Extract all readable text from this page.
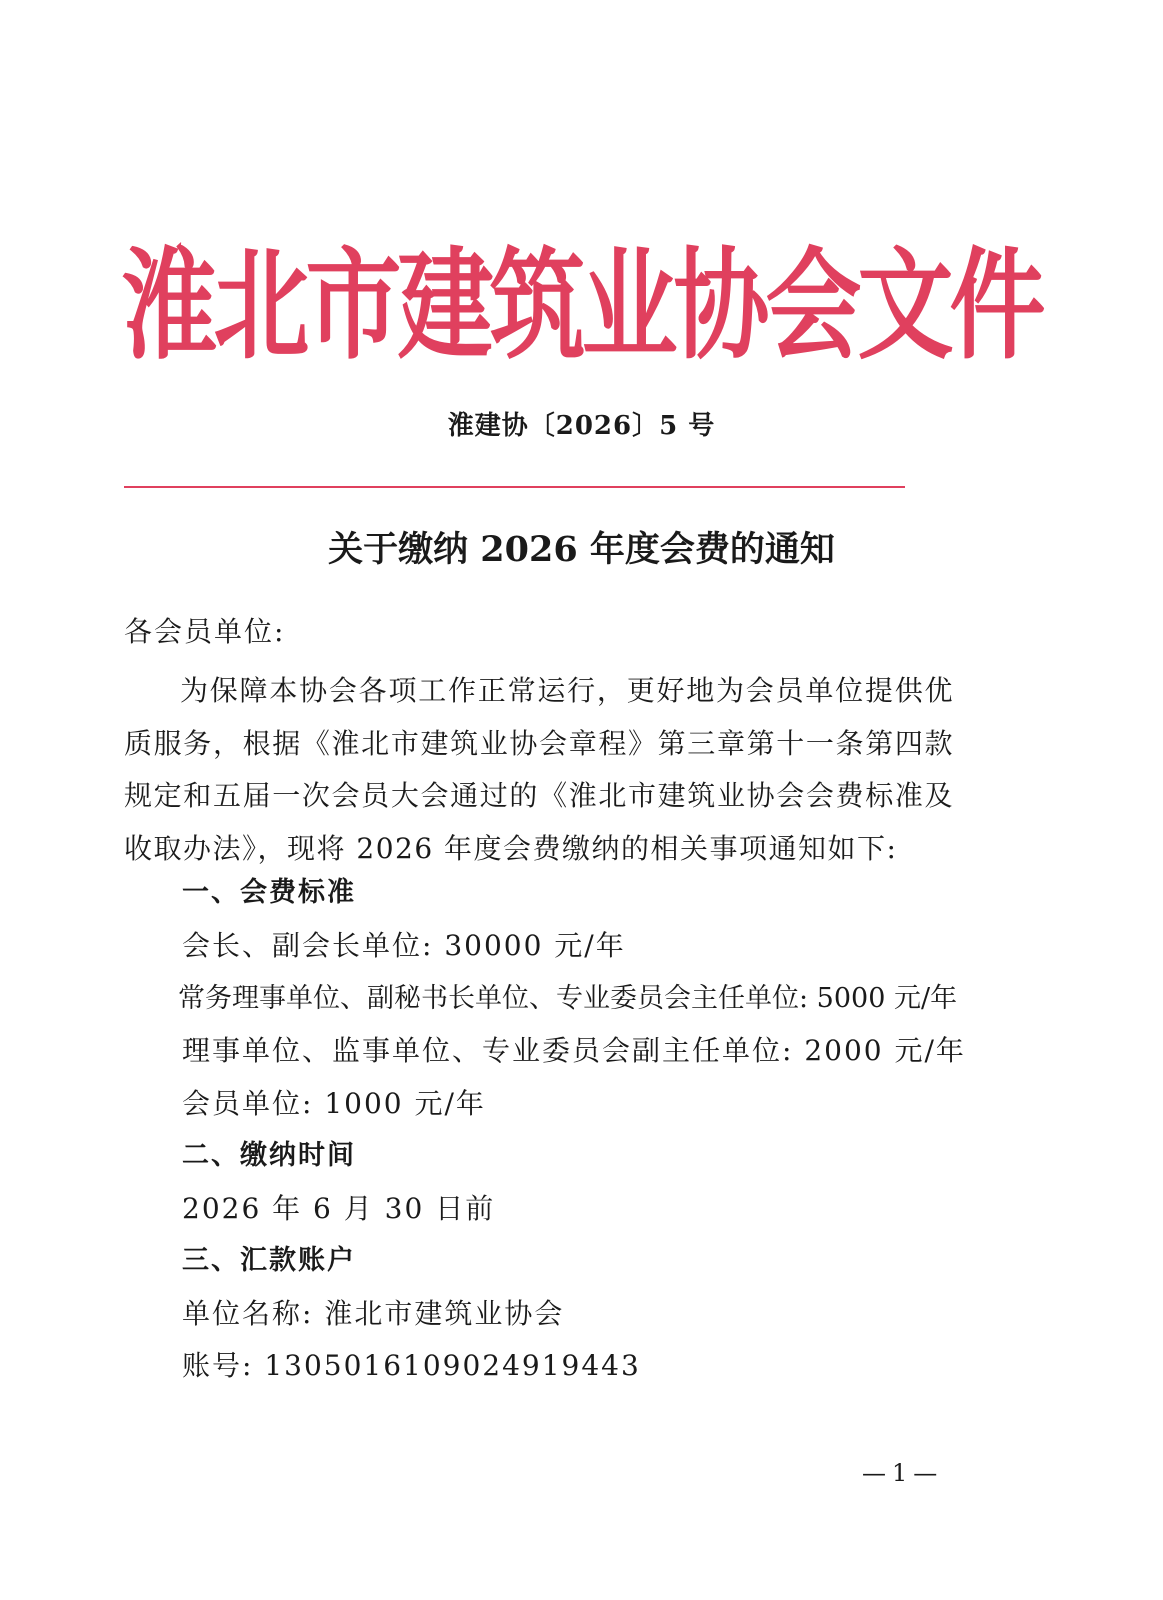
淮北市建筑业协会文件
淮建协〔2026〕5 号
关于缴纳 2026 年度会费的通知
各会员单位:
为保障本协会各项工作正常运行，更好地为会员单位提供优质服务，根据《淮北市建筑业协会章程》第三章第十一条第四款规定和五届一次会员大会通过的《淮北市建筑业协会会费标准及收取办法》，现将 2026 年度会费缴纳的相关事项通知如下:
一、会费标准
会长、副会长单位: 30000 元/年
常务理事单位、副秘书长单位、专业委员会主任单位: 5000 元/年
理事单位、监事单位、专业委员会副主任单位: 2000 元/年
会员单位: 1000 元/年
二、缴纳时间
2026 年 6 月 30 日前
三、汇款账户
单位名称: 淮北市建筑业协会
账号: 1305016109024919443
—1—
